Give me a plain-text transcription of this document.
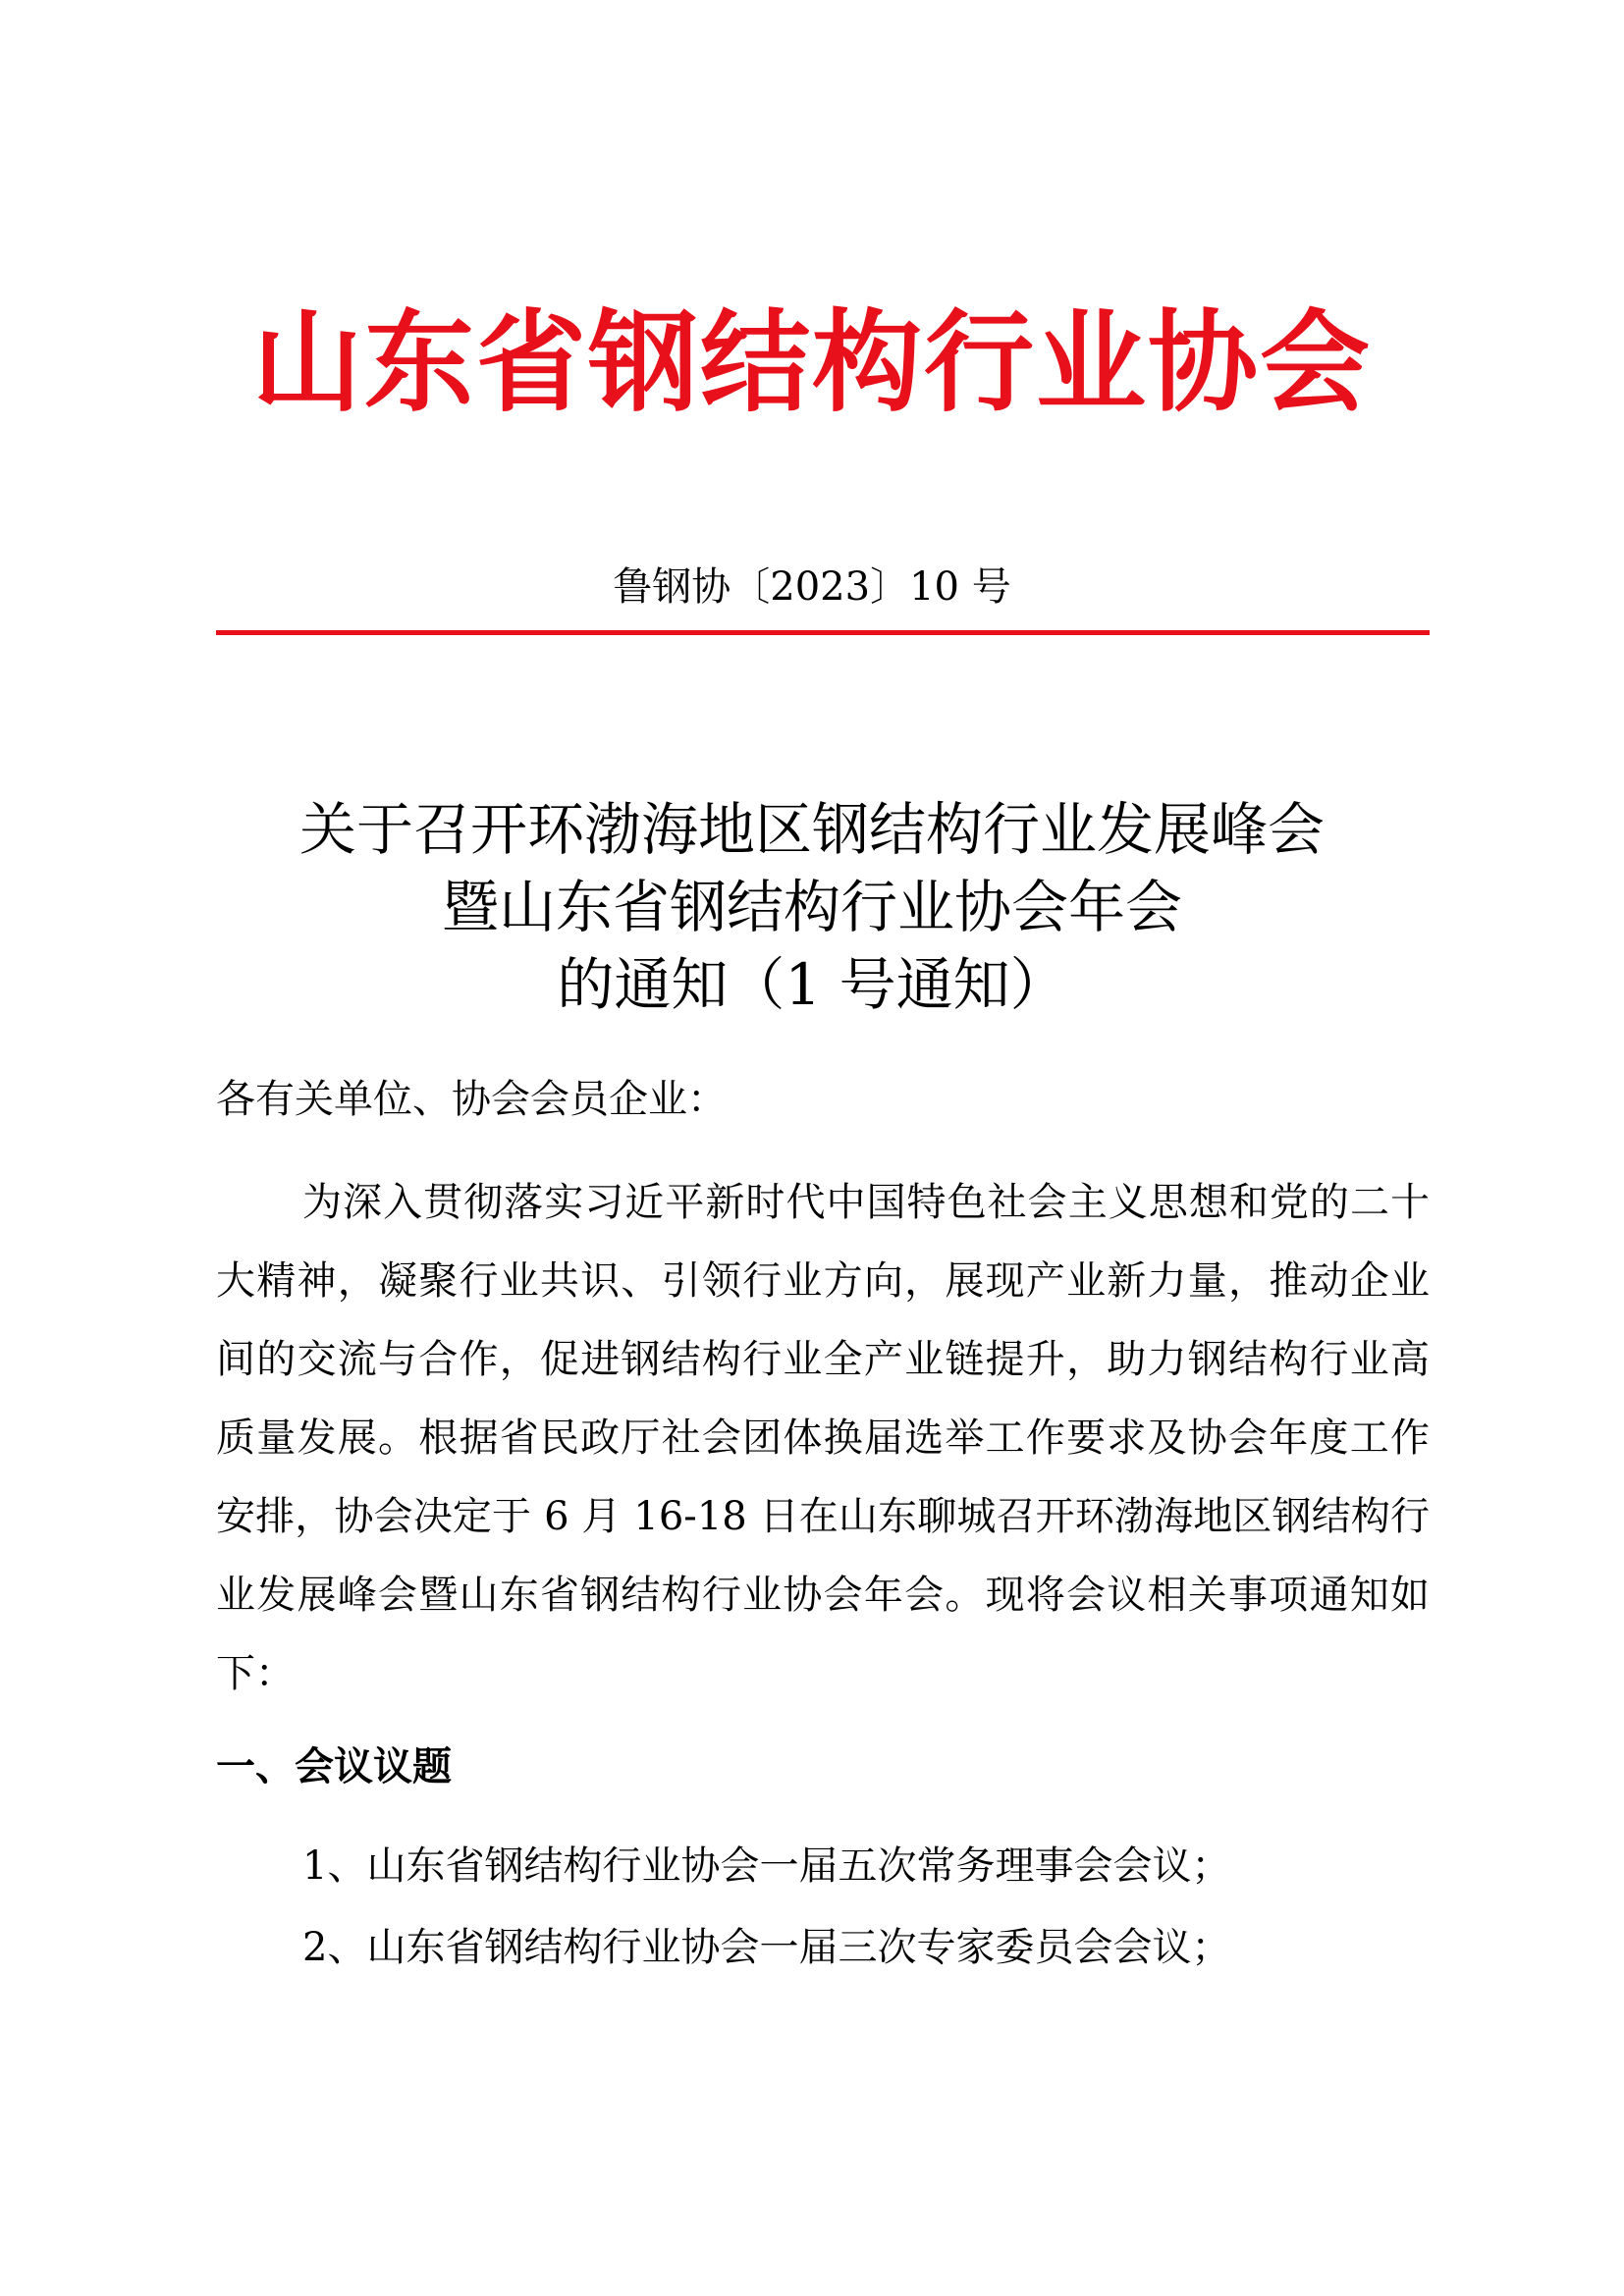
山东省钢结构行业协会
鲁钢协〔2023〕10 号
关于召开环渤海地区钢结构行业发展峰会
暨山东省钢结构行业协会年会
的通知（1 号通知）
各有关单位、协会会员企业：
为深入贯彻落实习近平新时代中国特色社会主义思想和党的二十大精神，凝聚行业共识、引领行业方向，展现产业新力量，推动企业间的交流与合作，促进钢结构行业全产业链提升，助力钢结构行业高质量发展。根据省民政厅社会团体换届选举工作要求及协会年度工作安排，协会决定于 6 月 16-18 日在山东聊城召开环渤海地区钢结构行业发展峰会暨山东省钢结构行业协会年会。现将会议相关事项通知如下：
一、会议议题
1、山东省钢结构行业协会一届五次常务理事会会议；
2、山东省钢结构行业协会一届三次专家委员会会议；
